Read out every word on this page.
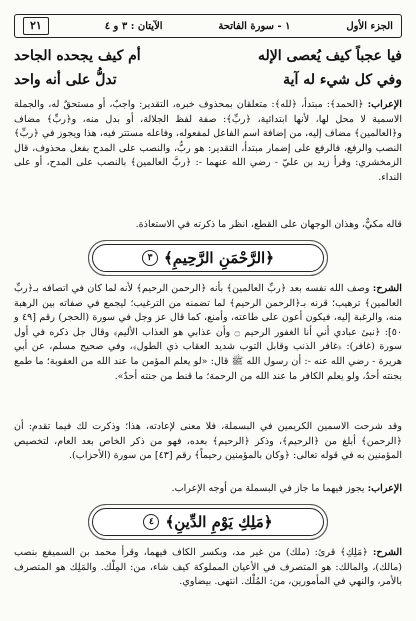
٢١	الآيتان : ٣ و ٤	١ - سورة الفاتحة	الجزء الأول
فيا عجباً كيف يُعصى الإله
أم كيف يجحده الجاحد
وفي كل شيء له آية
تدلُّ على أنه واحد
الإعراب: ﴿الحمد﴾: مبتدأ، ﴿لله﴾: متعلقان بمحذوف خبره، التقدير: واجبٌ، أو مستحقٌ له، والجملة الاسمية لا محل لها، لأنها ابتدائية، ﴿ربِّ﴾: صفة لفظ الجلالة، أو بدل منه، و﴿ربِّ﴾ مضاف و﴿العالمين﴾ مضاف إليه، من إضافة اسم الفاعل لمفعوله، وفاعله مستتر فيه، هذا ويجوز في ﴿ربِّ﴾ النصب والرفع، فالرفع على إضمار مبتدأ، التقدير: هو ربُّ، والنصب على المدح بفعل محذوف، قال الزمخشري: وقرأ زيد بن عليّ - رضي الله عنهما -: ﴿ربَّ العالمين﴾ بالنصب على المدح، أو على النداء.
قاله مكيٌّ، وهذان الوجهان على القطع، انظر ما ذكرته في الاستعاذة.
﴿الرَّحْمَنِ الرَّحِيمِ﴾
٣
الشرح: وصف الله نفسه بعد ﴿ربِّ العالمين﴾ بأنه ﴿الرحمن الرحيم﴾ لأنه لما كان في اتصافه بـ﴿ربِّ العالمين﴾ ترهيب؛ قرنه بـ﴿الرحمن الرحيم﴾ لما تضمنه من الترغيب؛ ليجمع في صفاته بين الرهبة منه، والرغبة إليه، فيكون أعون على طاعته، وأمنع، كما قال عز وجل في سورة (الحجر) رقم [٤٩ و ٥٠]: ﴿نبئ عبادي أني أنا الغفور الرحيم ۝ وأن عذابي هو العذاب الأليم﴾ وقال جل ذكره في أول سورة (غافر): ﴿غافر الذنب وقابل التوب شديد العقاب ذي الطول﴾، وفي صحيح مسلم، عن أبي هريرة - رضي الله عنه -: أن رسول الله ﷺ قال: «لو يعلم المؤمن ما عند الله من العقوبة؛ ما طمع بجنته أحدٌ، ولو يعلم الكافر ما عند الله من الرحمة؛ ما قنط من جنته أحدٌ».
وقد شرحت الاسمين الكريمين في البسملة، فلا معنى لإعادته، هذا؛ وذكرت لك فيما تقدم: أن ﴿الرحمن﴾ أبلغ من ﴿الرحيم﴾، وذكر ﴿الرحيم﴾ بعده، فهو من ذكر الخاص بعد العام، لتخصيص المؤمنين به في قوله تعالى: ﴿وكان بالمؤمنين رحيماً﴾ رقم [٤٣] من سورة (الأحزاب).
الإعراب: يجوز فيهما ما جاز في البسملة من أوجه الإعراب.
﴿مَلِكِ يَوْمِ الدِّينِ﴾
٤
الشرح: ﴿مَلِكِ﴾ قرئ: (ملك) من غير مد، وبكسر الكاف فيهما، وقرأ محمد بن السميفع بنصب (مالك)، والمالك: هو المتصرف في الأعيان المملوكة كيف شاء، من: المِلْك. والمَلِك هو المتصرف بالأمر، والنهي في المأمورين، من: المُلْك. انتهى. بيضاوي.
